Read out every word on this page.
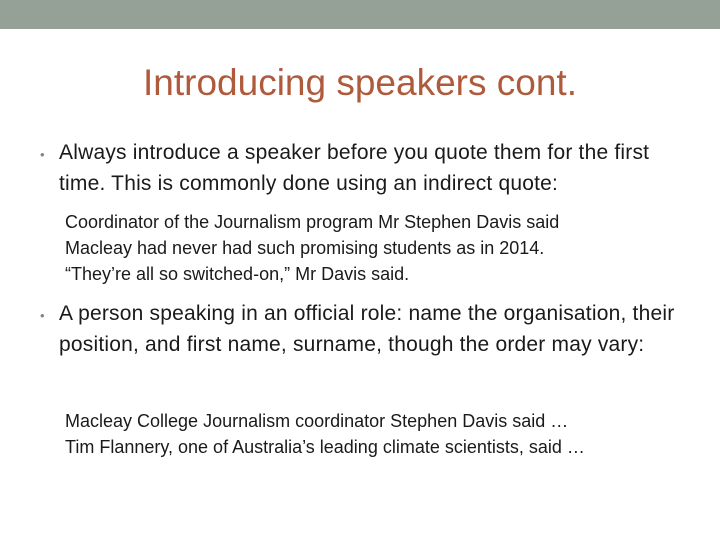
Introducing speakers cont.
• Always introduce a speaker before you quote them for the first time. This is commonly done using an indirect quote:
Coordinator of the Journalism program Mr Stephen Davis said
Macleay had never had such promising students as in 2014.
“They’re all so switched-on,” Mr Davis said.
• A person speaking in an official role: name the organisation, their position, and first name, surname, though the order may vary:
Macleay College Journalism coordinator Stephen Davis said …
Tim Flannery, one of Australia’s leading climate scientists, said …
